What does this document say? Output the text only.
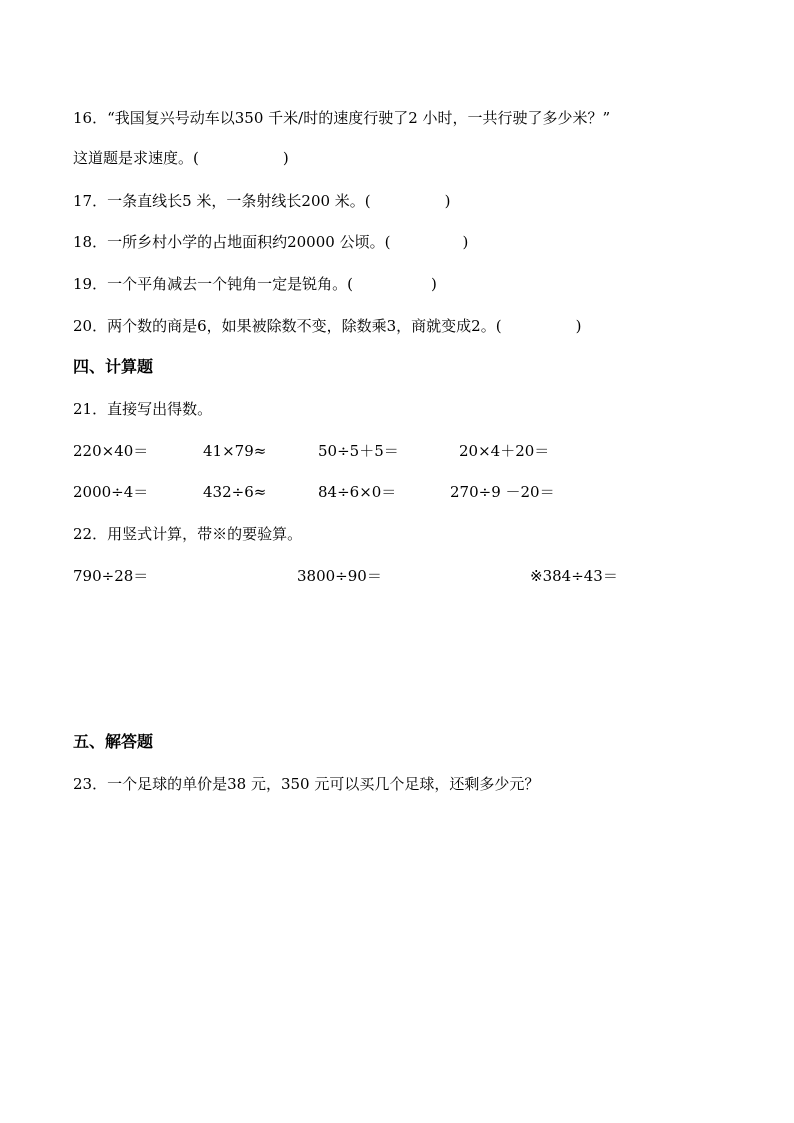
16．“我国复兴号动车以350 千米/时的速度行驶了2 小时，一共行驶了多少米？”
这道题是求速度。(	)
17．一条直线长5 米，一条射线长200 米。(	)
18．一所乡村小学的占地面积约20000 公顷。(	)
19．一个平角减去一个钝角一定是锐角。(	)
20．两个数的商是6，如果被除数不变，除数乘3，商就变成2。(	)
四、计算题
21．直接写出得数。
220×40＝	41×79≈	50÷5＋5＝	20×4＋20＝
2000÷4＝	432÷6≈	84÷6×0＝	270÷9 －20＝
22．用竖式计算，带※的要验算。
790÷28＝	3800÷90＝	※384÷43＝
五、解答题
23．一个足球的单价是38 元，350 元可以买几个足球，还剩多少元？
